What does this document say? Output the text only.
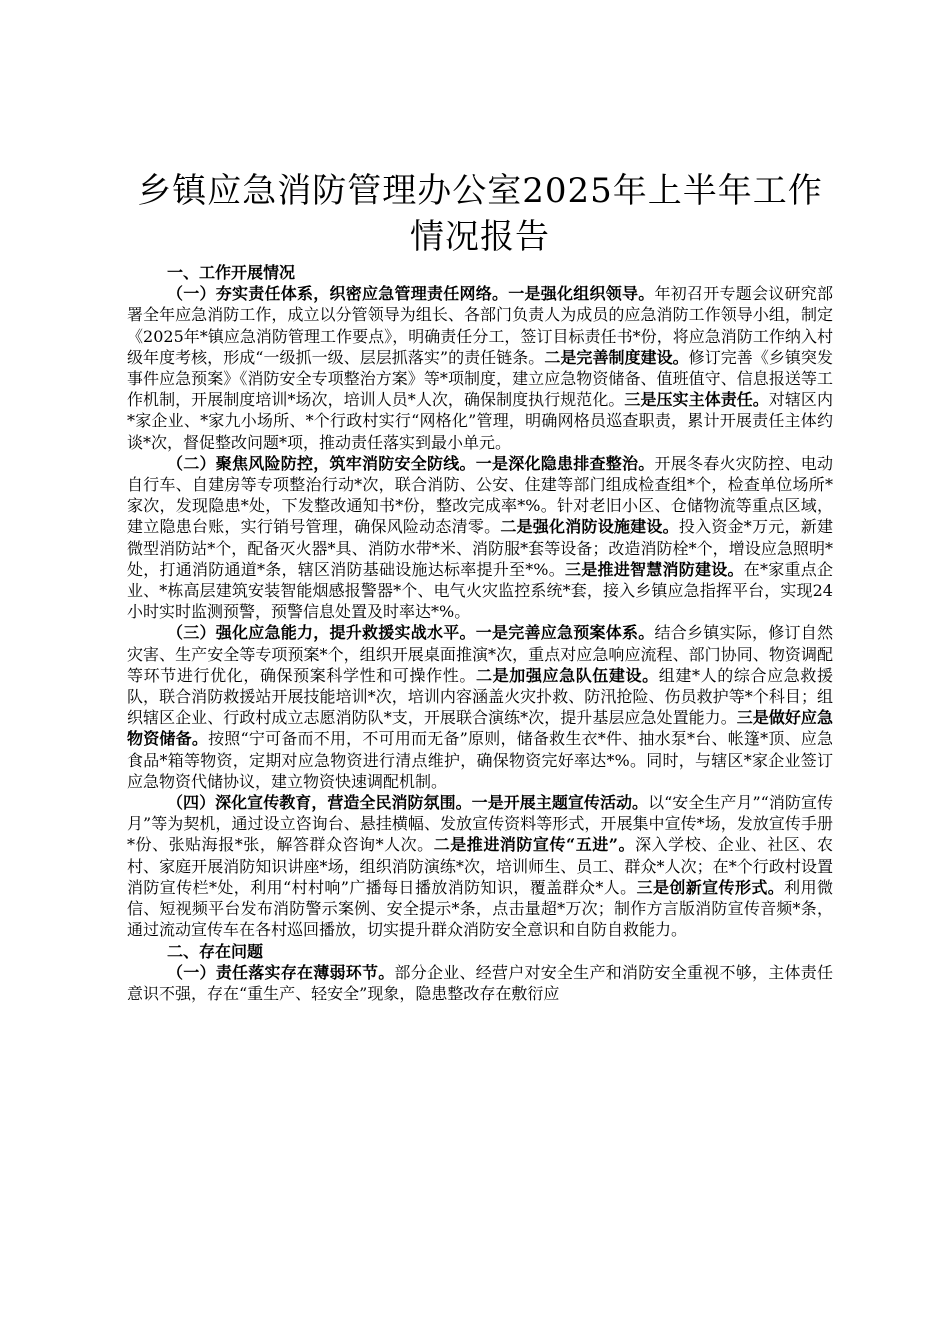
乡镇应急消防管理办公室2025年上半年工作
情况报告

一、工作开展情况

（一）夯实责任体系，织密应急管理责任网络。一是强化组织领导。年初召开专题会议研究部署全年应急消防工作，成立以分管领导为组长、各部门负责人为成员的应急消防工作领导小组，制定《2025年*镇应急消防管理工作要点》，明确责任分工，签订目标责任书*份，将应急消防工作纳入村级年度考核，形成“一级抓一级、层层抓落实”的责任链条。二是完善制度建设。修订完善《乡镇突发事件应急预案》《消防安全专项整治方案》等*项制度，建立应急物资储备、值班值守、信息报送等工作机制，开展制度培训*场次，培训人员*人次，确保制度执行规范化。三是压实主体责任。对辖区内*家企业、*家九小场所、*个行政村实行“网格化”管理，明确网格员巡查职责，累计开展责任主体约谈*次，督促整改问题*项，推动责任落实到最小单元。

（二）聚焦风险防控，筑牢消防安全防线。一是深化隐患排查整治。开展冬春火灾防控、电动自行车、自建房等专项整治行动*次，联合消防、公安、住建等部门组成检查组*个，检查单位场所*家次，发现隐患*处，下发整改通知书*份，整改完成率*%。针对老旧小区、仓储物流等重点区域，建立隐患台账，实行销号管理，确保风险动态清零。二是强化消防设施建设。投入资金*万元，新建微型消防站*个，配备灭火器*具、消防水带*米、消防服*套等设备；改造消防栓*个，增设应急照明*处，打通消防通道*条，辖区消防基础设施达标率提升至*%。三是推进智慧消防建设。在*家重点企业、*栋高层建筑安装智能烟感报警器*个、电气火灾监控系统*套，接入乡镇应急指挥平台，实现24小时实时监测预警，预警信息处置及时率达*%。

（三）强化应急能力，提升救援实战水平。一是完善应急预案体系。结合乡镇实际，修订自然灾害、生产安全等专项预案*个，组织开展桌面推演*次，重点对应急响应流程、部门协同、物资调配等环节进行优化，确保预案科学性和可操作性。二是加强应急队伍建设。组建*人的综合应急救援队，联合消防救援站开展技能培训*次，培训内容涵盖火灾扑救、防汛抢险、伤员救护等*个科目；组织辖区企业、行政村成立志愿消防队*支，开展联合演练*次，提升基层应急处置能力。三是做好应急物资储备。按照“宁可备而不用，不可用而无备”原则，储备救生衣*件、抽水泵*台、帐篷*顶、应急食品*箱等物资，定期对应急物资进行清点维护，确保物资完好率达*%。同时，与辖区*家企业签订应急物资代储协议，建立物资快速调配机制。

（四）深化宣传教育，营造全民消防氛围。一是开展主题宣传活动。以“安全生产月”“消防宣传月”等为契机，通过设立咨询台、悬挂横幅、发放宣传资料等形式，开展集中宣传*场，发放宣传手册*份、张贴海报*张，解答群众咨询*人次。二是推进消防宣传“五进”。深入学校、企业、社区、农村、家庭开展消防知识讲座*场，组织消防演练*次，培训师生、员工、群众*人次；在*个行政村设置消防宣传栏*处，利用“村村响”广播每日播放消防知识，覆盖群众*人。三是创新宣传形式。利用微信、短视频平台发布消防警示案例、安全提示*条，点击量超*万次；制作方言版消防宣传音频*条，通过流动宣传车在各村巡回播放，切实提升群众消防安全意识和自防自救能力。

二、存在问题

（一）责任落实存在薄弱环节。部分企业、经营户对安全生产和消防安全重视不够，主体责任意识不强，存在“重生产、轻安全”现象，隐患整改存在敷衍应
